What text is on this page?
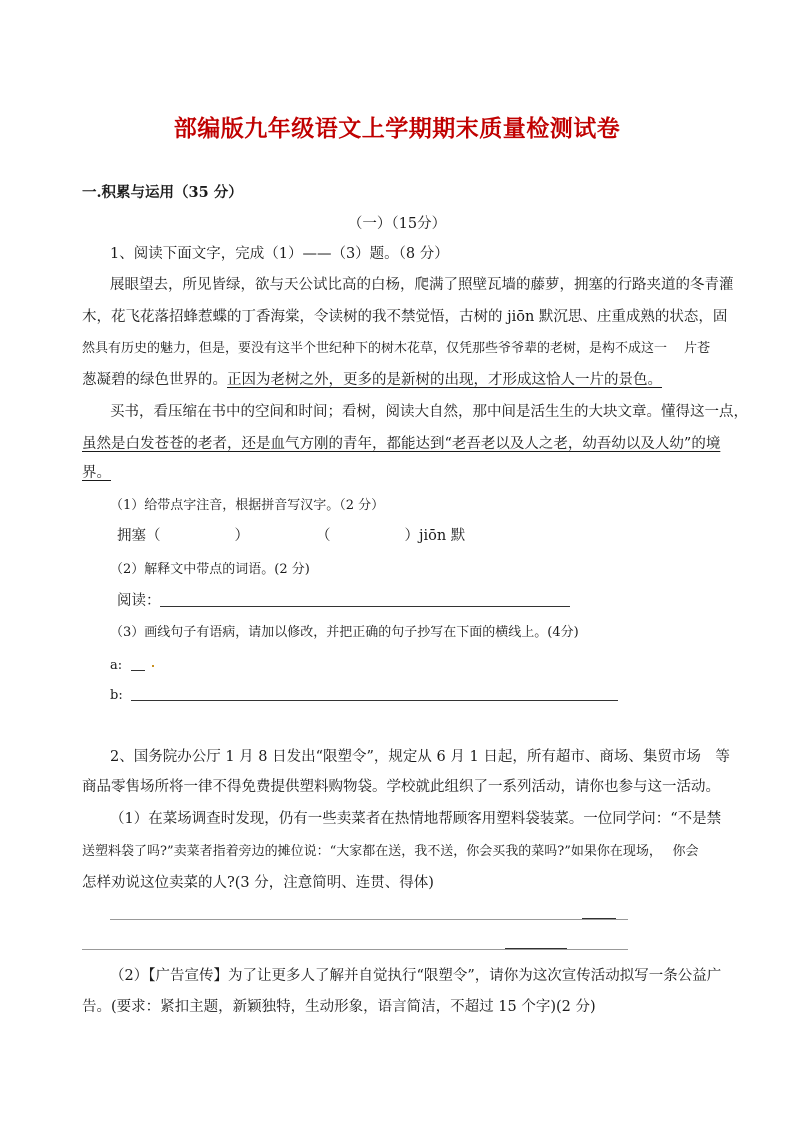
部编版九年级语文上学期期末质量检测试卷
一.积累与运用（35 分）
（一）（15分）
1、阅读下面文字，完成（1）——（3）题。（8 分）
展眼望去，所见皆绿，欲与天公试比高的白杨，爬满了照壁瓦墙的藤萝，拥塞的行路夹道的冬青灌
木，花飞花落招蜂惹蝶的丁香海棠，令读树的我不禁觉悟，古树的 jiōn 默沉思、庄重成熟的状态，固
然具有历史的魅力，但是，要没有这半个世纪种下的树木花草，仅凭那些爷爷辈的老树，是构不成这一　 片苍
葱凝碧的绿色世界的。正因为老树之外，更多的是新树的出现，才形成这恰人一片的景色。
买书，看压缩在书中的空间和时间；看树，阅读大自然，那中间是活生生的大块文章。懂得这一点，
虽然是白发苍苍的老者，还是血气方刚的青年，都能达到“老吾老以及人之老，幼吾幼以及人幼”的境
界。
（1）给带点字注音，根据拼音写汉字。（2 分）
拥塞（	）	（	）jiōn 默
（2）解释文中带点的词语。(2 分)
阅读：
（3）画线句子有语病，请加以修改，并把正确的句子抄写在下面的横线上。(4分)
a:
b:
2、国务院办公厅 1 月 8 日发出“限塑令”，规定从 6 月 1 日起，所有超市、商场、集贸市场　等
商品零售场所将一律不得免费提供塑料购物袋。学校就此组织了一系列活动，请你也参与这一活动。
（1）在菜场调查时发现，仍有一些卖菜者在热情地帮顾客用塑料袋装菜。一位同学问：“不是禁
送塑料袋了吗?”卖菜者指着旁边的摊位说：“大家都在送，我不送，你会买我的菜吗?”如果你在现场，　 你会
怎样劝说这位卖菜的人?(3 分，注意简明、连贯、得体)
（2）【广告宣传】为了让更多人了解并自觉执行“限塑令”，请你为这次宣传活动拟写一条公益广
告。(要求：紧扣主题，新颖独特，生动形象，语言简洁，不超过 15 个字)(2 分)
